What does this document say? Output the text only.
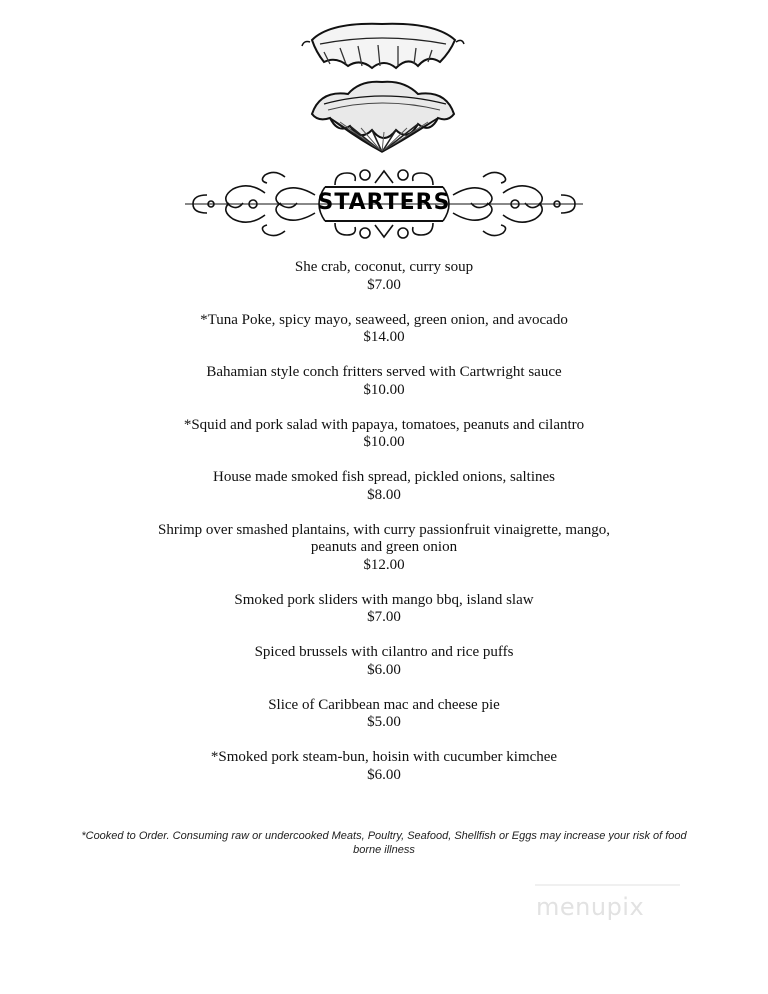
STARTERS
She crab, coconut, curry soup
$7.00
*Tuna Poke, spicy mayo, seaweed, green onion, and avocado
$14.00
Bahamian style conch fritters served with Cartwright sauce
$10.00
*Squid and pork salad with papaya, tomatoes, peanuts and cilantro
$10.00
House made smoked fish spread, pickled onions, saltines
$8.00
Shrimp over smashed plantains, with curry passionfruit vinaigrette, mango,
peanuts and green onion
$12.00
Smoked pork sliders with mango bbq, island slaw
$7.00
Spiced brussels with cilantro and rice puffs
$6.00
Slice of Caribbean mac and cheese pie
$5.00
*Smoked pork steam-bun, hoisin with cucumber kimchee
$6.00
*Cooked to Order. Consuming raw or undercooked Meats, Poultry, Seafood, Shellfish or Eggs may increase your risk of food
borne illness
menupix
